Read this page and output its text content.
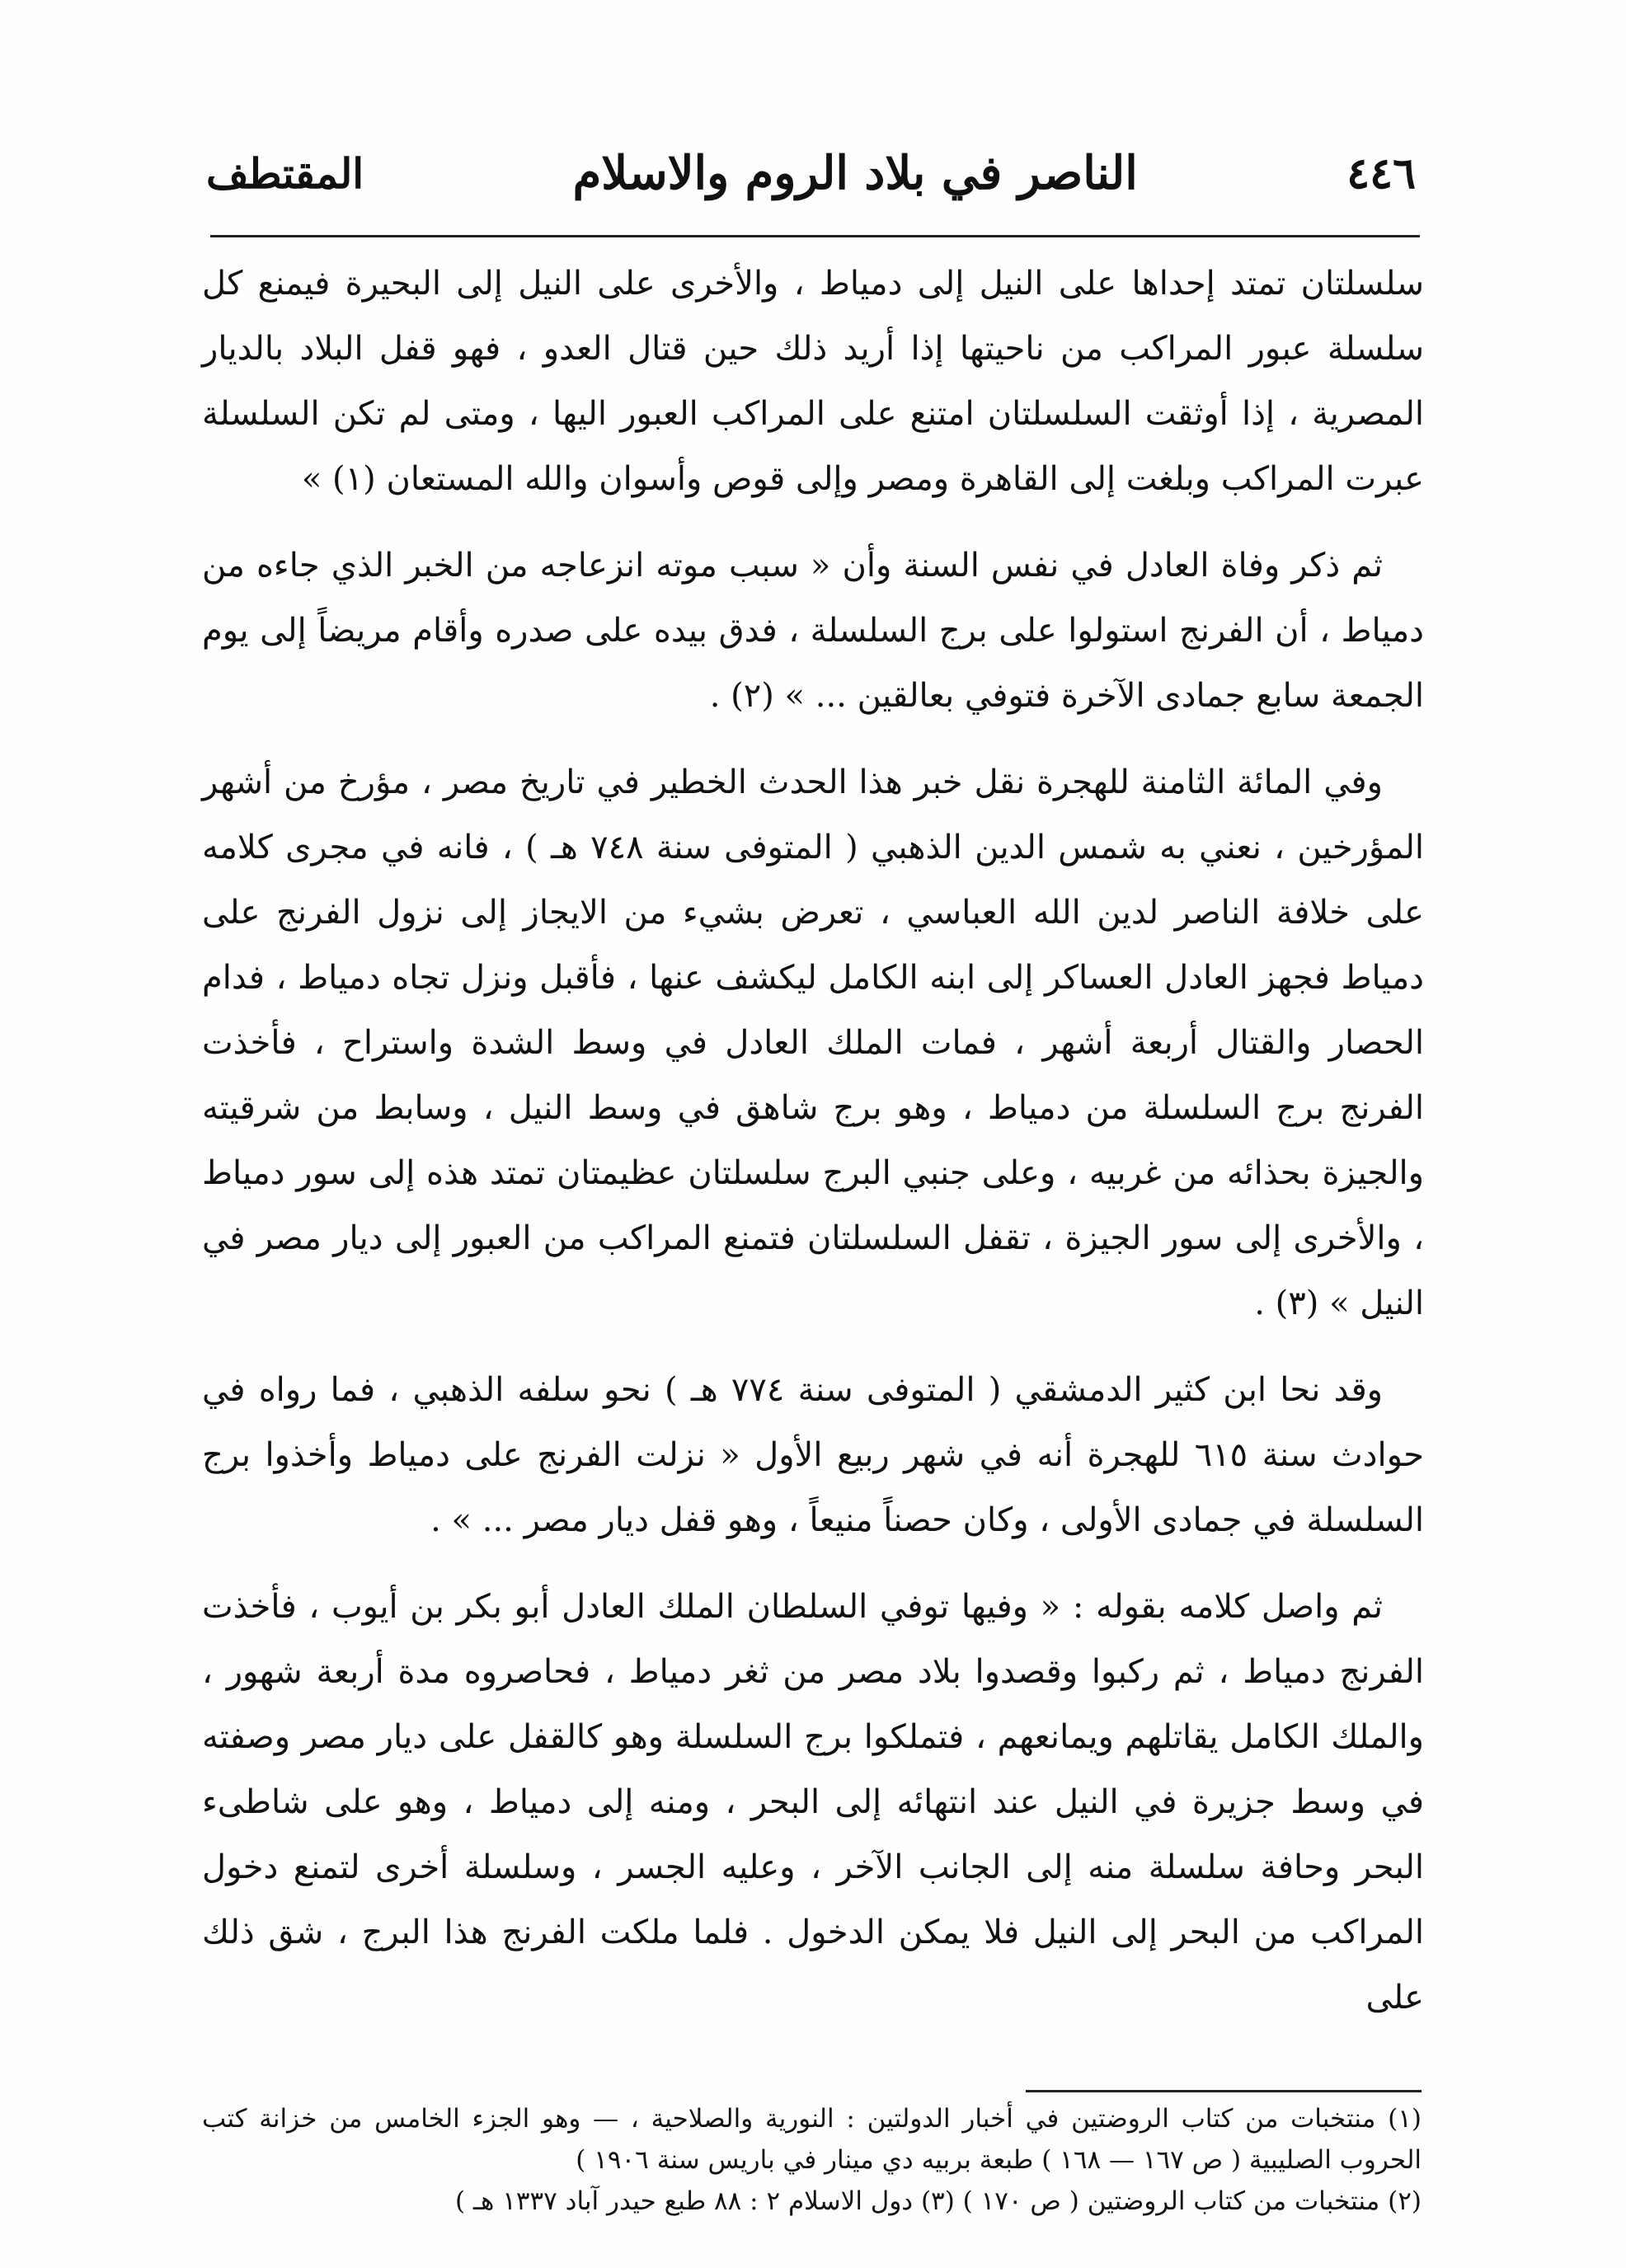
٤٤٦
الناصر في بلاد الروم والاسلام
المقتطف

سلسلتان تمتد إحداها على النيل إلى دمياط ، والأخرى على النيل إلى البحيرة فيمنع كل سلسلة عبور المراكب من ناحيتها إذا أريد ذلك حين قتال العدو ، فهو قفل البلاد بالديار المصرية ، إذا أوثقت السلسلتان امتنع على المراكب العبور اليها ، ومتى لم تكن السلسلة عبرت المراكب وبلغت إلى القاهرة ومصر وإلى قوص وأسوان والله المستعان (١) »

ثم ذكر وفاة العادل في نفس السنة وأن « سبب موته انزعاجه من الخبر الذي جاءه من دمياط ، أن الفرنج استولوا على برج السلسلة ، فدق بيده على صدره وأقام مريضاً إلى يوم الجمعة سابع جمادى الآخرة فتوفي بعالقين ... » (٢) .

وفي المائة الثامنة للهجرة نقل خبر هذا الحدث الخطير في تاريخ مصر ، مؤرخ من أشهر المؤرخين ، نعني به شمس الدين الذهبي ( المتوفى سنة ٧٤٨ هـ ) ، فانه في مجرى كلامه على خلافة الناصر لدين الله العباسي ، تعرض بشيء من الايجاز إلى نزول الفرنج على دمياط فجهز العادل العساكر إلى ابنه الكامل ليكشف عنها ، فأقبل ونزل تجاه دمياط ، فدام الحصار والقتال أربعة أشهر ، فمات الملك العادل في وسط الشدة واستراح ، فأخذت الفرنج برج السلسلة من دمياط ، وهو برج شاهق في وسط النيل ، وسابط من شرقيته والجيزة بحذائه من غربيه ، وعلى جنبي البرج سلسلتان عظيمتان تمتد هذه إلى سور دمياط ، والأخرى إلى سور الجيزة ، تقفل السلسلتان فتمنع المراكب من العبور إلى ديار مصر في النيل » (٣) .

وقد نحا ابن كثير الدمشقي ( المتوفى سنة ٧٧٤ هـ ) نحو سلفه الذهبي ، فما رواه في حوادث سنة ٦١٥ للهجرة أنه في شهر ربيع الأول « نزلت الفرنج على دمياط وأخذوا برج السلسلة في جمادى الأولى ، وكان حصناً منيعاً ، وهو قفل ديار مصر ... » .

ثم واصل كلامه بقوله : « وفيها توفي السلطان الملك العادل أبو بكر بن أيوب ، فأخذت الفرنج دمياط ، ثم ركبوا وقصدوا بلاد مصر من ثغر دمياط ، فحاصروه مدة أربعة شهور ، والملك الكامل يقاتلهم ويمانعهم ، فتملكوا برج السلسلة وهو كالقفل على ديار مصر وصفته في وسط جزيرة في النيل عند انتهائه إلى البحر ، ومنه إلى دمياط ، وهو على شاطىء البحر وحافة سلسلة منه إلى الجانب الآخر ، وعليه الجسر ، وسلسلة أخرى لتمنع دخول المراكب من البحر إلى النيل فلا يمكن الدخول . فلما ملكت الفرنج هذا البرج ، شق ذلك على

(١) منتخبات من كتاب الروضتين في أخبار الدولتين : النورية والصلاحية ، — وهو الجزء الخامس من خزانة كتب الحروب الصليبية ( ص ١٦٧ — ١٦٨ ) طبعة بربيه دي مينار في باريس سنة ١٩٠٦ )

(٢) منتخبات من كتاب الروضتين ( ص ١٧٠ ) (٣) دول الاسلام ٢ : ٨٨ طبع حيدر آباد ١٣٣٧ هـ )
